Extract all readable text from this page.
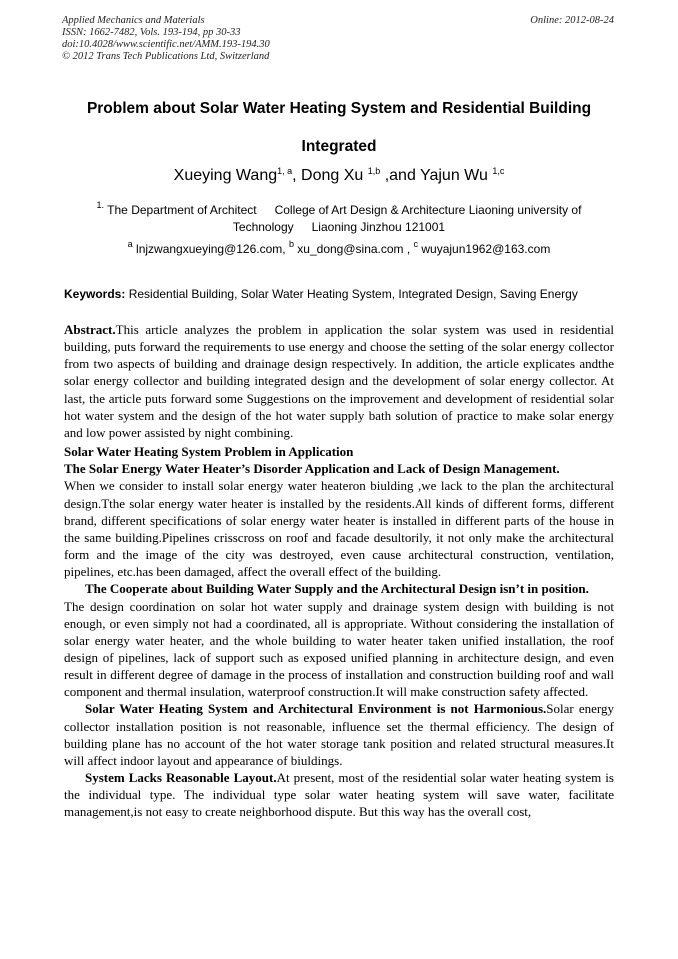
Applied Mechanics and Materials
ISSN: 1662-7482, Vols. 193-194, pp 30-33
doi:10.4028/www.scientific.net/AMM.193-194.30
© 2012 Trans Tech Publications Ltd, Switzerland
Online: 2012-08-24
Problem about Solar Water Heating System and Residential Building
Integrated
Xueying Wang$^{1, a}$, Dong Xu $^{1,b}$ ,and Yajun Wu $^{1,c}$
$^{1.}$ The Department of Architect College of Art Design & Architecture Liaoning university of
Technology Liaoning Jinzhou 121001
$^a$ lnjzwangxueying@126.com, $^b$ xu_dong@sina.com , $^c$ wuyajun1962@163.com
Keywords: Residential Building, Solar Water Heating System, Integrated Design, Saving Energy

Abstract.This article analyzes the problem in application the solar system was used in residential building, puts forward the requirements to use energy and choose the setting of the solar energy collector from two aspects of building and drainage design respectively. In addition, the article explicates andthe solar energy collector and building integrated design and the development of solar energy collector. At last, the article puts forward some Suggestions on the improvement and development of residential solar hot water system and the design of the hot water supply bath solution of practice to make solar energy and low power assisted by night combining.

Solar Water Heating System Problem in Application

The Solar Energy Water Heater’s Disorder Application and Lack of Design Management.

When we consider to install solar energy water heateron biulding ,we lack to the plan the architectural design.Tthe solar energy water heater is installed by the residents.All kinds of different forms, different brand, different specifications of solar energy water heater is installed in different parts of the house in the same building.Pipelines crisscross on roof and facade desultorily, it not only make the architectural form and the image of the city was destroyed, even cause architectural construction, ventilation, pipelines, etc.has been damaged, affect the overall effect of the building.

The Cooperate about Building Water Supply and the Architectural Design isn’t in position.

The design coordination on solar hot water supply and drainage system design with building is not enough, or even simply not had a coordinated, all is appropriate. Without considering the installation of solar energy water heater, and the whole building to water heater taken unified installation, the roof design of pipelines, lack of support such as exposed unified planning in architecture design, and even result in different degree of damage in the process of installation and construction building roof and wall component and thermal insulation, waterproof construction.It will make construction safety affected.

Solar Water Heating System and Architectural Environment is not Harmonious.Solar energy collector installation position is not reasonable, influence set the thermal efficiency. The design of building plane has no account of the hot water storage tank position and related structural measures.It will affect indoor layout and appearance of biuldings.

System Lacks Reasonable Layout.At present, most of the residential solar water heating system is the individual type. The individual type solar water heating system will save water, facilitate management,is not easy to create neighborhood dispute. But this way has the overall cost,
